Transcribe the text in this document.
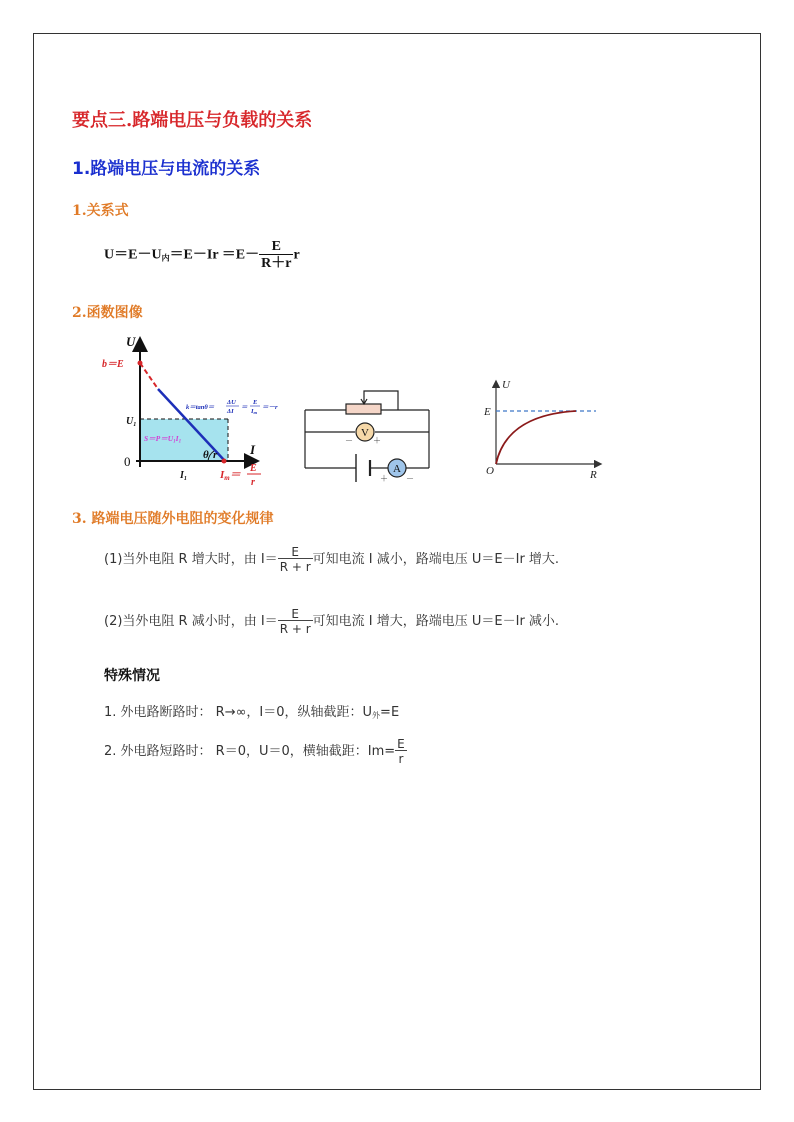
要点三.路端电压与负载的关系
1.路端电压与电流的关系
1.关系式
$U=E-U_内=E-Ir =E- \frac{E}{R+r}$ r
2.函数图像
U
I
0
b＝E
$U_1$
$I_1$
$S=P=U_1I_1$
k＝tanθ＝
ΔU
ΔI
＝
E
Im
＝－r
θ r
Im＝
E
r
V
－	＋
A
＋ －
U
R
E
O
3. 路端电压随外电阻的变化规律
(1)当外电阻 R 增大时，由 $I= \frac{E}{R + r}$ 可知电流 I 减小，路端电压 U＝E－Ir 增大.
(2)当外电阻 R 减小时，由 $I= \frac{E}{R + r}$ 可知电流 I 增大，路端电压 U＝E－Ir 减小.
特殊情况
1. 外电路断路时： R→∞，I＝0，纵轴截距：$U_外=E$
2. 外电路短路时： R＝0，U＝0，横轴截距：$Im= \frac{E}{r}$
